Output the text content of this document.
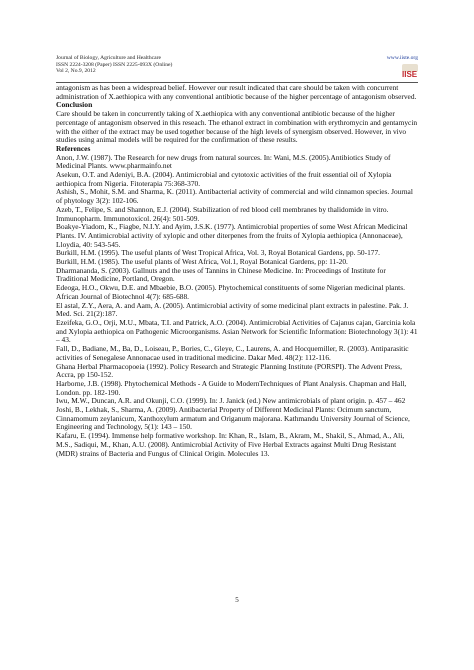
Journal of Biology, Agriculture and Healthcare
ISSN 2224-3208 (Paper) ISSN 2225-093X (Online)
Vol 2, No.9, 2012
www.iiste.org
IISE

antagonism as has been a widespread belief. However our result indicated that care should be taken with concurrent administration of X.aethiopica with any conventional antibiotic because of the higher percentage of antagonism observed.

Conclusion

Care should be taken in concurrently taking of X.aethiopica with any conventional antibiotic because of the higher percentage of antagonism observed in this reseach. The ethanol extract in combination with erythromycin and gentamycin with the either of the extract may be used together because of the high levels of synergism observed. However, in vivo studies using animal models will be required for the confirmation of these results.

References

Anon, J.W. (1987). The Research for new drugs from natural sources. In: Wani, M.S. (2005).Antibiotics Study of Medicinal Plants. www.pharmainfo.net

Asekun, O.T. and Adeniyi, B.A. (2004). Antimicrobial and cytotoxic activities of the fruit essential oil of Xylopia aethiopica from Nigeria. Fitoterapia 75:368-370.

Ashish, S., Mohit, S.M. and Sharma, K. (2011). Antibacterial activity of commercial and wild cinnamon species. Journal of phytology 3(2): 102-106.

Azeb, T., Felipe, S. and Shannon, E.J. (2004). Stabilization of red blood cell membranes by thalidomide in vitro. Immunopharm. Immunotoxicol. 26(4): 501-509.

Boakye-Yiadom, K., Fiagbe, N.I.Y. and Ayim, J.S.K. (1977). Antimicrobial properties of some West African Medicinal Plants. IV. Antimicrobial activity of xylopic and other diterpenes from the fruits of Xylopia aethiopica (Annonaceae), Lloydia, 40: 543-545.

Burkill, H.M. (1995). The useful plants of West Tropical Africa, Vol. 3, Royal Botanical Gardens, pp. 50-177.

Burkill, H.M. (1985). The useful plants of West Africa, Vol.1, Royal Botanical Gardens, pp: 11-20.

Dharmananda, S. (2003). Gallnuts and the uses of Tannins in Chinese Medicine. In: Proceedings of Institute for Traditional Medicine, Portland, Oregon.

Edeoga, H.O., Okwu, D.E. and Mbaebie, B.O. (2005). Phytochemical constituents of some Nigerian medicinal plants. African Journal of Biotechnol 4(7): 685-688.

El astal, Z.Y., Aera, A. and Aam, A. (2005). Antimicrobial activity of some medicinal plant extracts in palestine. Pak. J. Med. Sci. 21(2):187.

Ezeifeka, G.O., Orji, M.U., Mbata, T.I. and Patrick, A.O. (2004). Antimicrobial Activities of Cajanus cajan, Garcinia kola and Xylopia aethiopica on Pathogenic Microorganisms. Asian Network for Scientific Information: Biotechnology 3(1): 41 – 43.

Fall, D., Badiane, M., Ba, D., Loiseau, P., Bories, C., Gleye, C., Laurens, A. and Hocquemiller, R. (2003). Antiparasitic activities of Senegalese Annonacae used in traditional medicine. Dakar Med. 48(2): 112-116.

Ghana Herbal Pharmacopoeia (1992). Policy Research and Strategic Planning Institute (PORSPI). The Advent Press, Accra, pp 150-152.

Harborne, J.B. (1998). Phytochemical Methods - A Guide to ModernTechniques of Plant Analysis. Chapman and Hall, London. pp. 182-190.

Iwu, M.W., Duncan, A.R. and Okunji, C.O. (1999). In: J. Janick (ed.) New antimicrobials of plant origin. p. 457 – 462

Joshi, B., Lekhak, S., Sharma, A. (2009). Antibacterial Property of Different Medicinal Plants: Ocimum sanctum, Cinnamomum zeylanicum, Xanthoxylum armatum and Origanum majorana. Kathmandu University Journal of Science, Engineering and Technology, 5(1): 143 – 150.

Kafaru, E. (1994). Immense help formative workshop. In: Khan, R., Islam, B., Akram, M., Shakil, S., Ahmad, A., Ali, M.S., Sadiqui, M., Khan, A.U. (2008). Antimicrobial Activity of Five Herbal Extracts against Multi Drug Resistant (MDR) strains of Bacteria and Fungus of Clinical Origin. Molecules 13.

5
